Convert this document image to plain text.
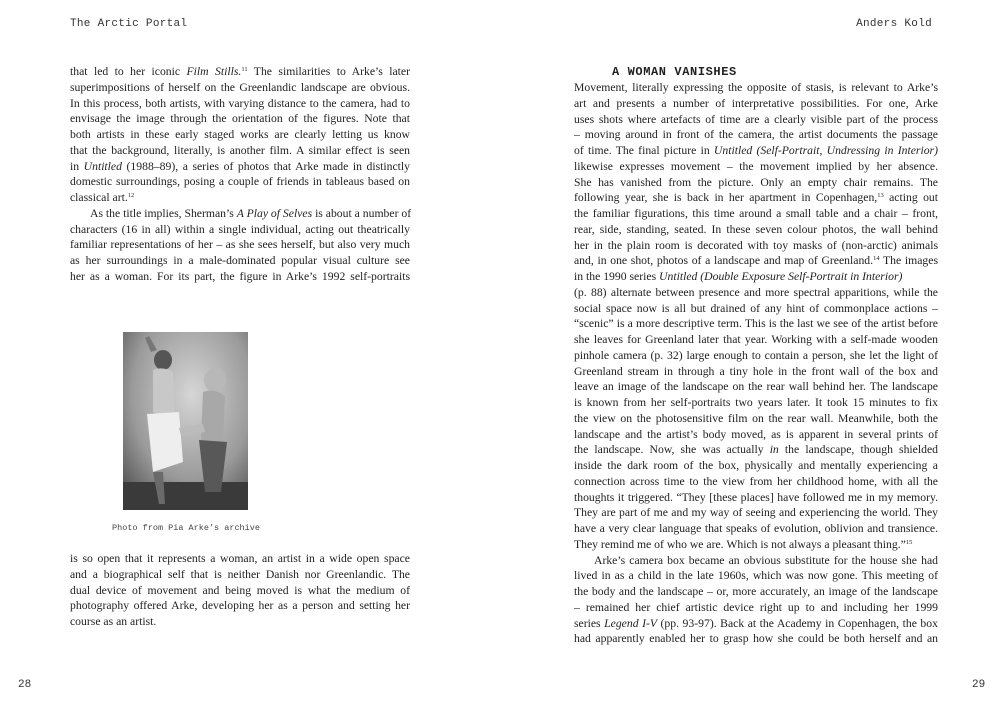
The Arctic Portal	Anders Kold
that led to her iconic Film Stills.$^{11}$ The similarities to Arke’s later
superimpositions of herself on the Greenlandic landscape are obvious.
In this process, both artists, with varying distance to the camera, had to
envisage the image through the orientation of the figures. Note that
both artists in these early staged works are clearly letting us know
that the background, literally, is another film. A similar effect is seen
in Untitled (1988–89), a series of photos that Arke made in distinctly
domestic surroundings, posing a couple of friends in tableaus based on
classical art.$^{12}$
As the title implies, Sherman’s A Play of Selves is about a number of
characters (16 in all) within a single individual, acting out theatrically
familiar representations of her – as she sees herself, but also very much
as her surroundings in a male-dominated popular visual culture see
her as a woman. For its part, the figure in Arke’s 1992 self-portraits
Photo from Pia Arke’s archive
is so open that it represents a woman, an artist in a wide open space
and a biographical self that is neither Danish nor Greenlandic. The
dual device of movement and being moved is what the medium of
photography offered Arke, developing her as a person and setting her
course as an artist.
A WOMAN VANISHES
Movement, literally expressing the opposite of stasis, is relevant to Arke’s
art and presents a number of interpretative possibilities. For one, Arke
uses shots where artefacts of time are a clearly visible part of the process
– moving around in front of the camera, the artist documents the passage
of time. The final picture in Untitled (Self-Portrait, Undressing in Interior)
likewise expresses movement – the movement implied by her absence.
She has vanished from the picture. Only an empty chair remains. The
following year, she is back in her apartment in Copenhagen,$^{13}$ acting out
the familiar figurations, this time around a small table and a chair – front,
rear, side, standing, seated. In these seven colour photos, the wall behind
her in the plain room is decorated with toy masks of (non-arctic) animals
and, in one shot, photos of a landscape and map of Greenland.$^{14}$ The images
in the 1990 series Untitled (Double Exposure Self-Portrait in Interior)
(p. 88) alternate between presence and more spectral apparitions, while the
social space now is all but drained of any hint of commonplace actions –
“scenic” is a more descriptive term. This is the last we see of the artist before
she leaves for Greenland later that year. Working with a self-made wooden
pinhole camera (p. 32) large enough to contain a person, she let the light of
Greenland stream in through a tiny hole in the front wall of the box and
leave an image of the landscape on the rear wall behind her. The landscape
is known from her self-portraits two years later. It took 15 minutes to fix
the view on the photosensitive film on the rear wall. Meanwhile, both the
landscape and the artist’s body moved, as is apparent in several prints of
the landscape. Now, she was actually in the landscape, though shielded
inside the dark room of the box, physically and mentally experiencing a
connection across time to the view from her childhood home, with all the
thoughts it triggered. “They [these places] have followed me in my memory.
They are part of me and my way of seeing and experiencing the world. They
have a very clear language that speaks of evolution, oblivion and transience.
They remind me of who we are. Which is not always a pleasant thing.”$^{15}$
Arke’s camera box became an obvious substitute for the house she had
lived in as a child in the late 1960s, which was now gone. This meeting of
the body and the landscape – or, more accurately, an image of the landscape
– remained her chief artistic device right up to and including her 1999
series Legend I-V (pp. 93-97). Back at the Academy in Copenhagen, the box
had apparently enabled her to grasp how she could be both herself and an
28	29
